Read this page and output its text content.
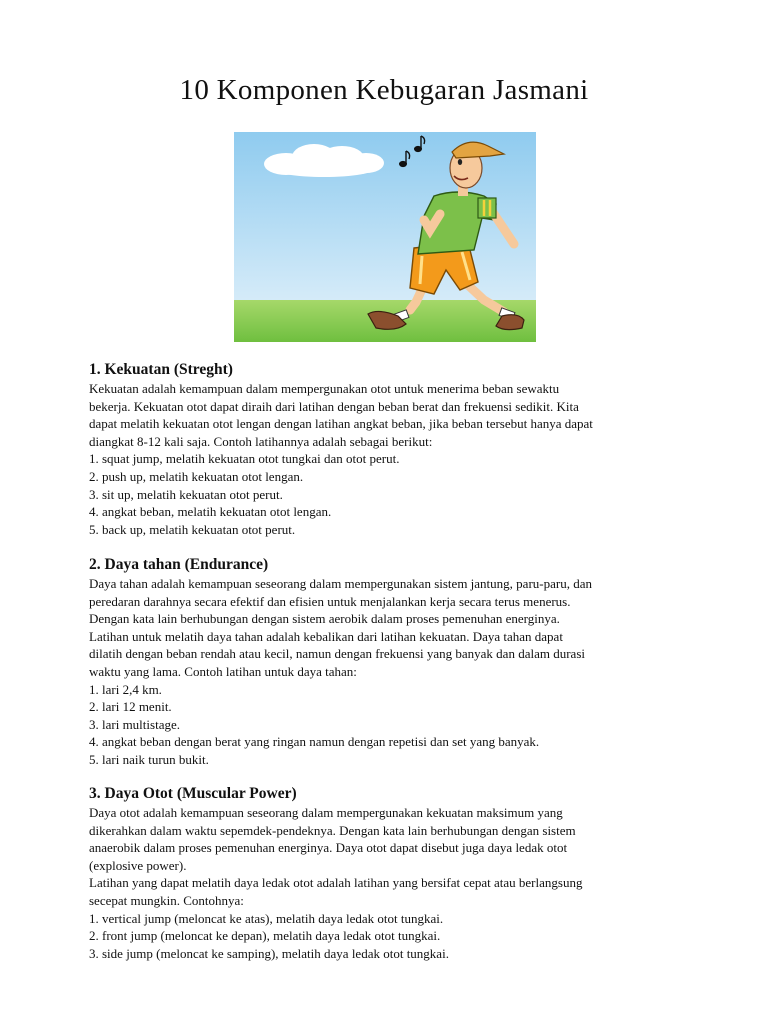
10 Komponen Kebugaran Jasmani
1. Kekuatan (Streght)

Kekuatan adalah kemampuan dalam mempergunakan otot untuk menerima beban sewaktu
bekerja. Kekuatan otot dapat diraih dari latihan dengan beban berat dan frekuensi sedikit. Kita
dapat melatih kekuatan otot lengan dengan latihan angkat beban, jika beban tersebut hanya dapat
diangkat 8-12 kali saja. Contoh latihannya adalah sebagai berikut:
1. squat jump, melatih kekuatan otot tungkai dan otot perut.
2. push up, melatih kekuatan otot lengan.
3. sit up, melatih kekuatan otot perut.
4. angkat beban, melatih kekuatan otot lengan.
5. back up, melatih kekuatan otot perut.

2. Daya tahan (Endurance)

Daya tahan adalah kemampuan seseorang dalam mempergunakan sistem jantung, paru-paru, dan
peredaran darahnya secara efektif dan efisien untuk menjalankan kerja secara terus menerus.
Dengan kata lain berhubungan dengan sistem aerobik dalam proses pemenuhan energinya.
Latihan untuk melatih daya tahan adalah kebalikan dari latihan kekuatan. Daya tahan dapat
dilatih dengan beban rendah atau kecil, namun dengan frekuensi yang banyak dan dalam durasi
waktu yang lama. Contoh latihan untuk daya tahan:
1. lari 2,4 km.
2. lari 12 menit.
3. lari multistage.
4. angkat beban dengan berat yang ringan namun dengan repetisi dan set yang banyak.
5. lari naik turun bukit.

3. Daya Otot (Muscular Power)

Daya otot adalah kemampuan seseorang dalam mempergunakan kekuatan maksimum yang
dikerahkan dalam waktu sepemdek-pendeknya. Dengan kata lain berhubungan dengan sistem
anaerobik dalam proses pemenuhan energinya. Daya otot dapat disebut juga daya ledak otot
(explosive power).
Latihan yang dapat melatih daya ledak otot adalah latihan yang bersifat cepat atau berlangsung
secepat mungkin. Contohnya:
1. vertical jump (meloncat ke atas), melatih daya ledak otot tungkai.
2. front jump (meloncat ke depan), melatih daya ledak otot tungkai.
3. side jump (meloncat ke samping), melatih daya ledak otot tungkai.
